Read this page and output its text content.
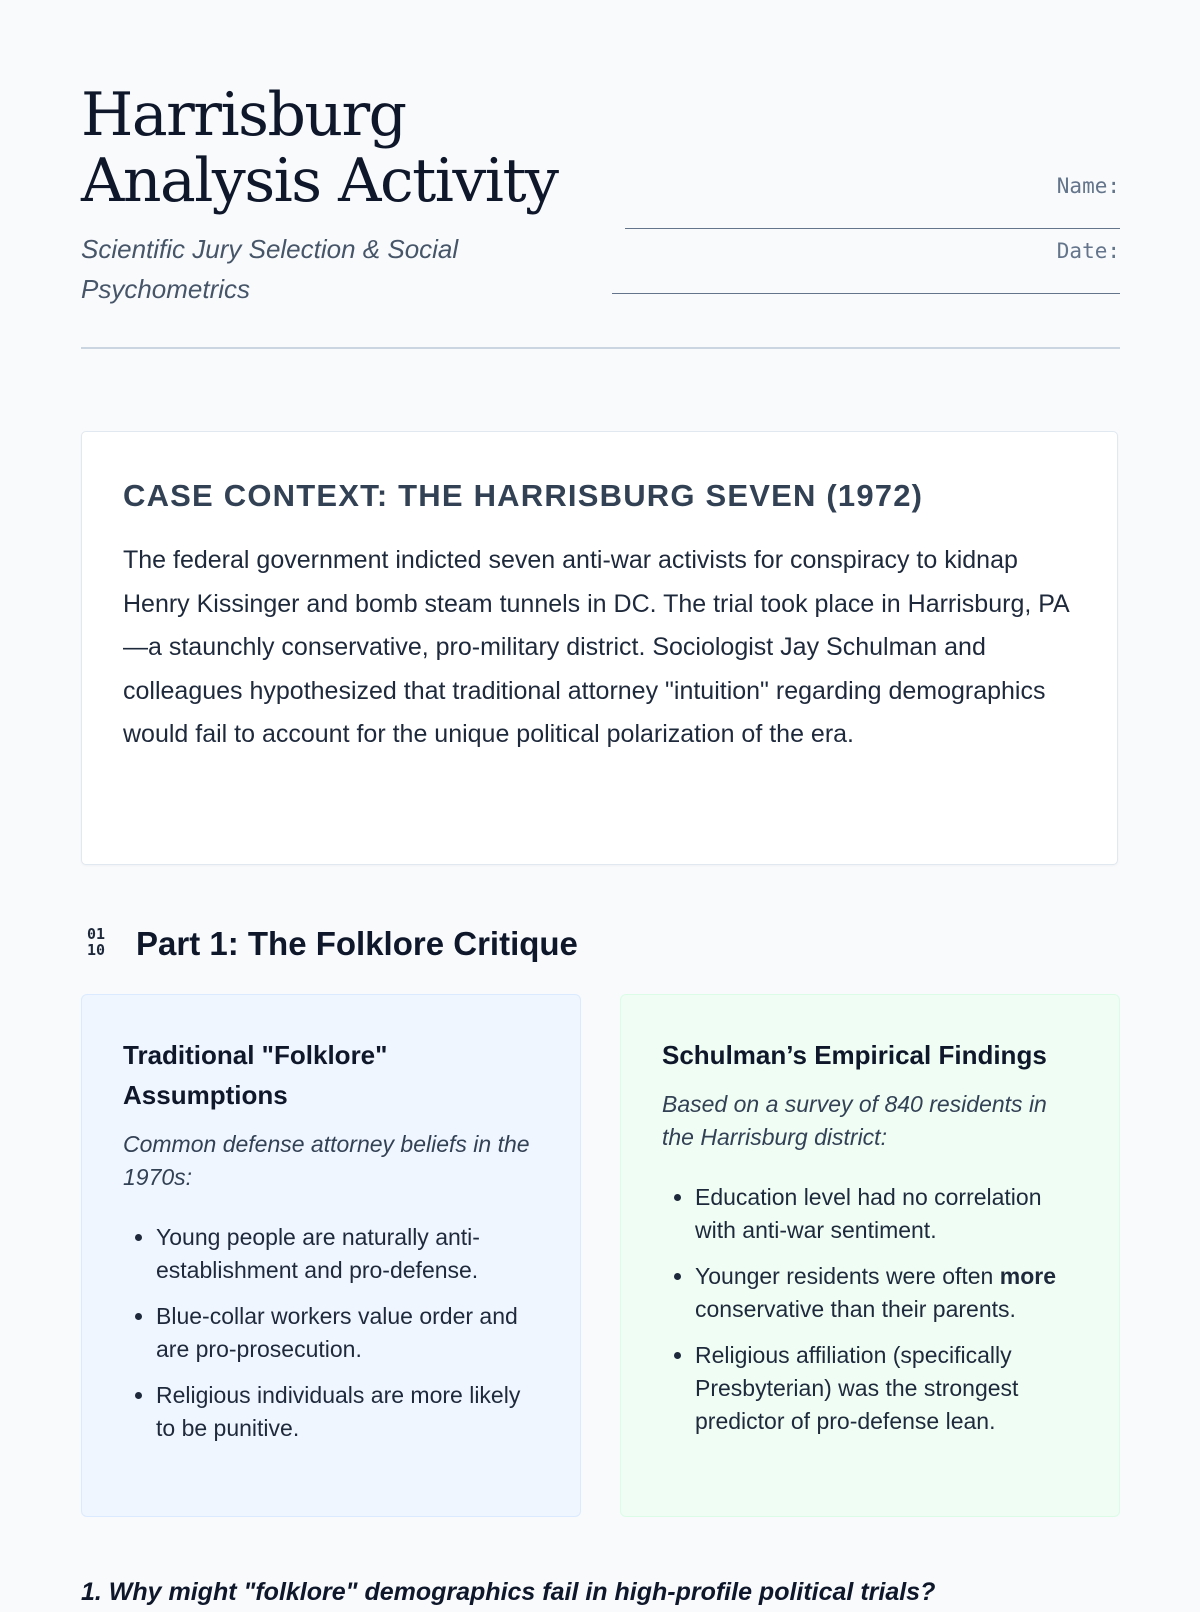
Harrisburg
Analysis Activity

Scientific Jury Selection & Social Psychometrics

Name:
Date:
CASE CONTEXT: THE HARRISBURG SEVEN (1972)

The federal government indicted seven anti-war activists for conspiracy to kidnap Henry Kissinger and bomb steam tunnels in DC. The trial took place in Harrisburg, PA—a staunchly conservative, pro-military district. Sociologist Jay Schulman and colleagues hypothesized that traditional attorney "intuition" regarding demographics would fail to account for the unique political polarization of the era.

01
10 Part 1: The Folklore Critique
Traditional "Folklore" Assumptions

Common defense attorney beliefs in the 1970s:

• Young people are naturally anti-establishment and pro-defense.
• Blue-collar workers value order and are pro-prosecution.
• Religious individuals are more likely to be punitive.
Schulman’s Empirical Findings

Based on a survey of 840 residents in the Harrisburg district:

• Education level had no correlation with anti-war sentiment.
• Younger residents were often more conservative than their parents.
• Religious affiliation (specifically Presbyterian) was the strongest predictor of pro-defense lean.

1. Why might "folklore" demographics fail in high-profile political trials?
